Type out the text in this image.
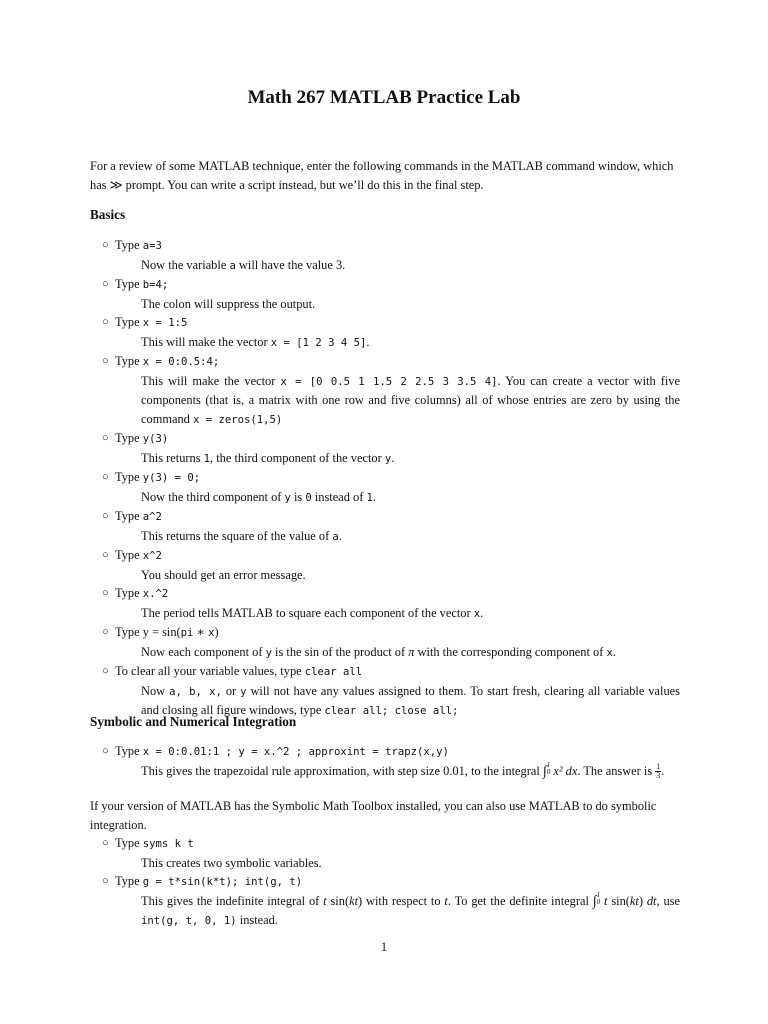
Math 267 MATLAB Practice Lab
For a review of some MATLAB technique, enter the following commands in the MATLAB command window, which has ≫ prompt. You can write a script instead, but we’ll do this in the final step.
Basics
○ Type a=3
Now the variable a will have the value 3.
○ Type b=4;
The colon will suppress the output.
○ Type x = 1:5
This will make the vector x = [1 2 3 4 5].
○ Type x = 0:0.5:4;
This will make the vector x = [0 0.5 1 1.5 2 2.5 3 3.5 4]. You can create a vector with five components (that is, a matrix with one row and five columns) all of whose entries are zero by using the command x = zeros(1,5)
○ Type y(3)
This returns 1, the third component of the vector y.
○ Type y(3) = 0;
Now the third component of y is 0 instead of 1.
○ Type a^2
This returns the square of the value of a.
○ Type x^2
You should get an error message.
○ Type x.^2
The period tells MATLAB to square each component of the vector x.
○ Type y = sin(pi ∗ x)
Now each component of y is the sin of the product of π with the corresponding component of x.
○ To clear all your variable values, type clear all
Now a, b, x, or y will not have any values assigned to them. To start fresh, clearing all variable values and closing all figure windows, type clear all; close all;
Symbolic and Numerical Integration
○ Type x = 0:0.01:1 ; y = x.^2 ; approxint = trapz(x,y)
This gives the trapezoidal rule approximation, with step size 0.01, to the integral ∫ 1
0 x² dx. The answer is $\frac{1}{3}$ .
If your version of MATLAB has the Symbolic Math Toolbox installed, you can also use MATLAB to do symbolic integration.
○ Type syms k t
This creates two symbolic variables.
○ Type g = t*sin(k*t); int(g, t)
This gives the indefinite integral of t sin(kt) with respect to t. To get the definite integral ∫ 1
0 t sin(kt) dt, use int(g, t, 0, 1) instead.
1
